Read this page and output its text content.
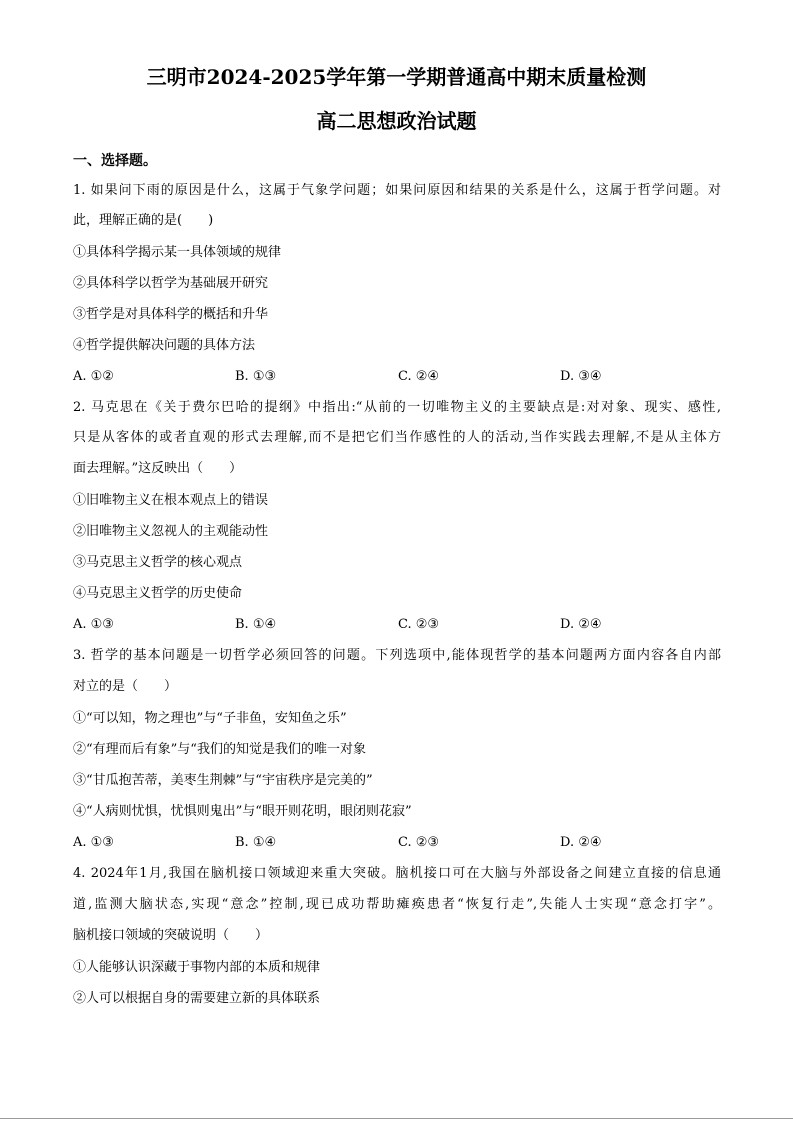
三明市2024-2025学年第一学期普通高中期末质量检测
高二思想政治试题
一、选择题。
1. 如果问下雨的原因是什么，这属于气象学问题；如果问原因和结果的关系是什么，这属于哲学问题。对
此，理解正确的是(　　)
①具体科学揭示某一具体领域的规律
②具体科学以哲学为基础展开研究
③哲学是对具体科学的概括和升华
④哲学提供解决问题的具体方法
A. ①②	B. ①③	C. ②④	D. ③④
2. 马克思在《关于费尔巴哈的提纲》中指出:“从前的一切唯物主义的主要缺点是:对对象、现实、感性,
只是从客体的或者直观的形式去理解,而不是把它们当作感性的人的活动,当作实践去理解,不是从主体方
面去理解。”这反映出（　　）
①旧唯物主义在根本观点上的错误
②旧唯物主义忽视人的主观能动性
③马克思主义哲学的核心观点
④马克思主义哲学的历史使命
A. ①③	B. ①④	C. ②③	D. ②④
3. 哲学的基本问题是一切哲学必须回答的问题。下列选项中,能体现哲学的基本问题两方面内容各自内部
对立的是（　　）
①“可以知，物之理也”与“子非鱼，安知鱼之乐”
②“有理而后有象”与“我们的知觉是我们的唯一对象
③“甘瓜抱苦蒂，美枣生荆棘”与“宇宙秩序是完美的”
④“人病则忧惧，忧惧则鬼出”与“眼开则花明，眼闭则花寂”
A. ①③	B. ①④	C. ②③	D. ②④
4. 2024年1月,我国在脑机接口领域迎来重大突破。脑机接口可在大脑与外部设备之间建立直接的信息通
道,监测大脑状态,实现“意念”控制,现已成功帮助瘫痪患者“恢复行走”,失能人士实现“意念打字”。
脑机接口领域的突破说明（　　）
①人能够认识深藏于事物内部的本质和规律
②人可以根据自身的需要建立新的具体联系
